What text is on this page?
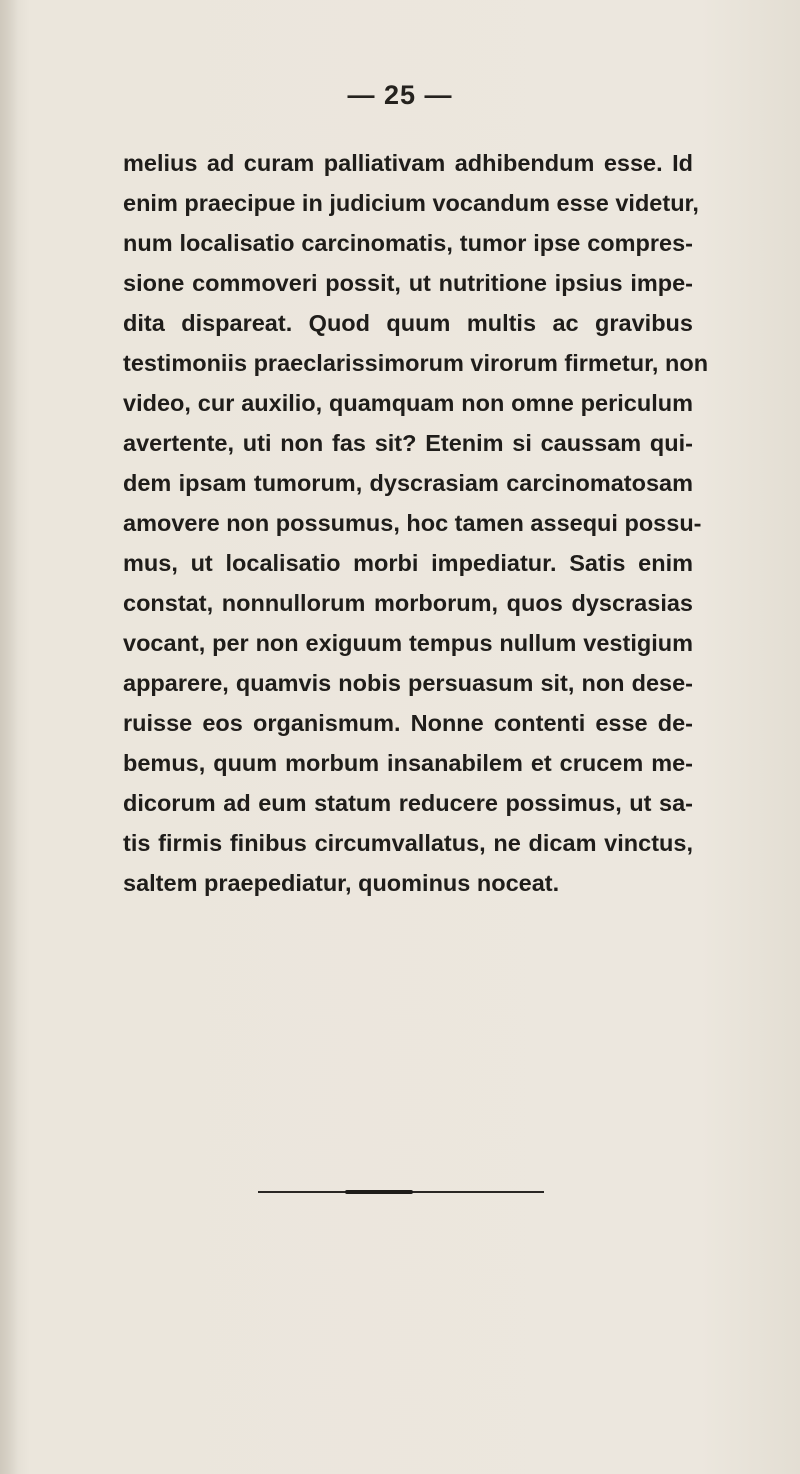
— 25 —
melius ad curam palliativam adhibendum esse. Id
enim praecipue in judicium vocandum esse videtur,
num localisatio carcinomatis, tumor ipse compres-
sione commoveri possit, ut nutritione ipsius impe-
dita dispareat. Quod quum multis ac gravibus
testimoniis praeclarissimorum virorum firmetur, non
video, cur auxilio, quamquam non omne periculum
avertente, uti non fas sit? Etenim si caussam qui-
dem ipsam tumorum, dyscrasiam carcinomatosam
amovere non possumus, hoc tamen assequi possu-
mus, ut localisatio morbi impediatur. Satis enim
constat, nonnullorum morborum, quos dyscrasias
vocant, per non exiguum tempus nullum vestigium
apparere, quamvis nobis persuasum sit, non dese-
ruisse eos organismum. Nonne contenti esse de-
bemus, quum morbum insanabilem et crucem me-
dicorum ad eum statum reducere possimus, ut sa-
tis firmis finibus circumvallatus, ne dicam vinctus,
saltem praepediatur, quominus noceat.
